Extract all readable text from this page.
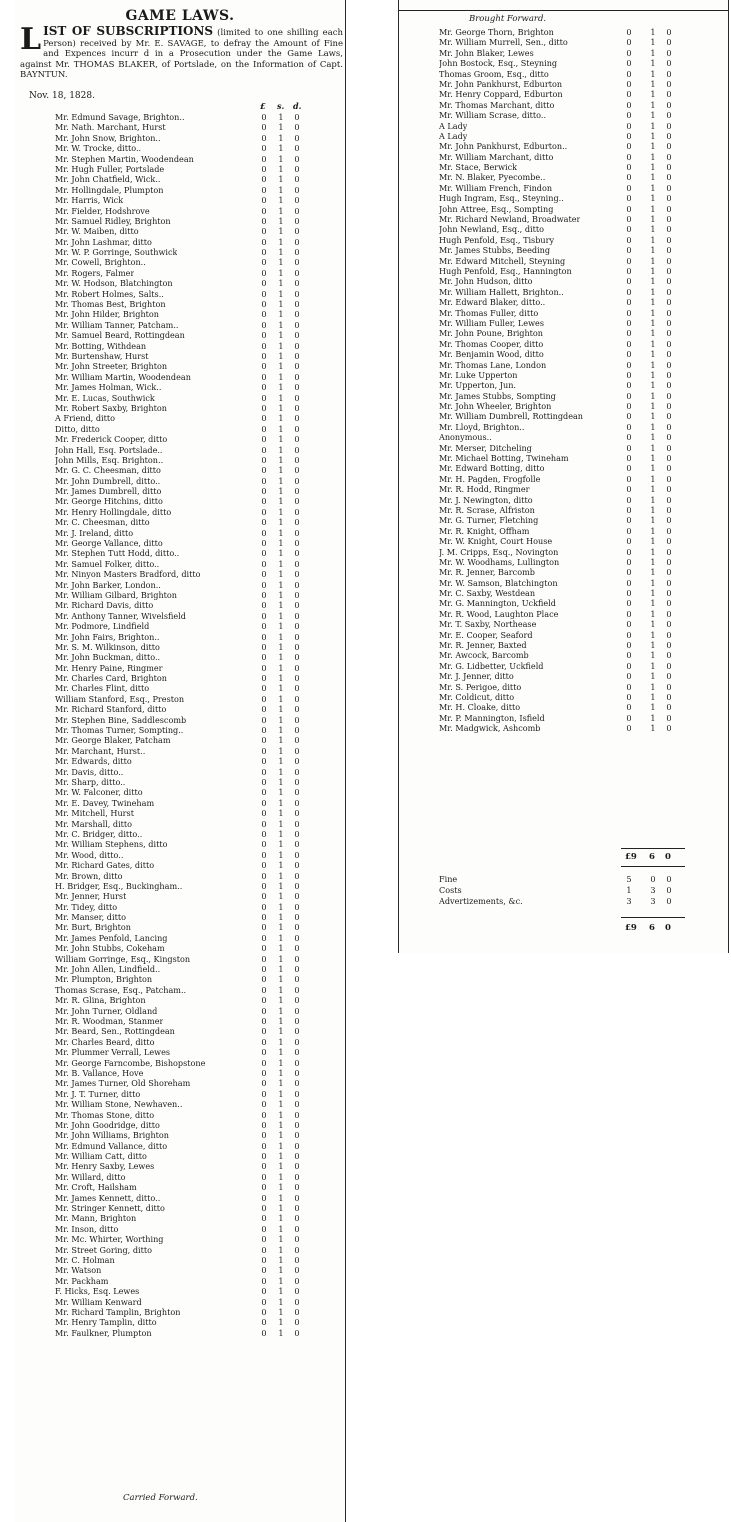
GAME LAWS.
LIST OF SUBSCRIPTIONS (limited to one shilling each Person) received by Mr. E. SAVAGE, to defray the Amount of Fine and Expences incurr d in a Prosecution under the Game Laws, against Mr. THOMAS BLAKER, of Portslade, on the Information of Capt. BAYNTUN.
Nov. 18, 1828.
£ s. d.
Mr. Edmund Savage, Brighton..	0 1 0
Mr. Nath. Marchant, Hurst	0 1 0
Mr. John Snow, Brighton..	0 1 0
Mr. W. Trocke, ditto..	0 1 0
Mr. Stephen Martin, Woodendean	0 1 0
Mr. Hugh Fuller, Portslade	0 1 0
Mr. John Chatfield, Wick..	0 1 0
Mr. Hollingdale, Plumpton	0 1 0
Mr. Harris, Wick	0 1 0
Mr. Fielder, Hodshrove	0 1 0
Mr. Samuel Ridley, Brighton	0 1 0
Mr. W. Maiben, ditto	0 1 0
Mr. John Lashmar, ditto	0 1 0
Mr. W. P. Gorringe, Southwick	0 1 0
Mr. Cowell, Brighton..	0 1 0
Mr. Rogers, Falmer	0 1 0
Mr. W. Hodson, Blatchington	0 1 0
Mr. Robert Holmes, Salts..	0 1 0
Mr. Thomas Best, Brighton	0 1 0
Mr. John Hilder, Brighton	0 1 0
Mr. William Tanner, Patcham..	0 1 0
Mr. Samuel Beard, Rottingdean	0 1 0
Mr. Botting, Withdean	0 1 0
Mr. Burtenshaw, Hurst	0 1 0
Mr. John Streeter, Brighton	0 1 0
Mr. William Martin, Woodendean	0 1 0
Mr. James Holman, Wick..	0 1 0
Mr. E. Lucas, Southwick	0 1 0
Mr. Robert Saxby, Brighton	0 1 0
A Friend, ditto	0 1 0
Ditto, ditto	0 1 0
Mr. Frederick Cooper, ditto	0 1 0
John Hall, Esq. Portslade..	0 1 0
John Mills, Esq. Brighton..	0 1 0
Mr. G. C. Cheesman, ditto	0 1 0
Mr. John Dumbrell, ditto..	0 1 0
Mr. James Dumbrell, ditto	0 1 0
Mr. George Hitchins, ditto	0 1 0
Mr. Henry Hollingdale, ditto	0 1 0
Mr. C. Cheesman, ditto	0 1 0
Mr. J. Ireland, ditto	0 1 0
Mr. George Vallance, ditto	0 1 0
Mr. Stephen Tutt Hodd, ditto..	0 1 0
Mr. Samuel Folker, ditto..	0 1 0
Mr. Ninyon Masters Bradford, ditto	0 1 0
Mr. John Barker, London..	0 1 0
Mr. William Gilbard, Brighton	0 1 0
Mr. Richard Davis, ditto	0 1 0
Mr. Anthony Tanner, Wivelsfield	0 1 0
Mr. Podmore, Lindfield	0 1 0
Mr. John Fairs, Brighton..	0 1 0
Mr. S. M. Wilkinson, ditto	0 1 0
Mr. John Buckman, ditto..	0 1 0
Mr. Henry Paine, Ringmer	0 1 0
Mr. Charles Card, Brighton	0 1 0
Mr. Charles Flint, ditto	0 1 0
William Stanford, Esq., Preston	0 1 0
Mr. Richard Stanford, ditto	0 1 0
Mr. Stephen Bine, Saddlescomb	0 1 0
Mr. Thomas Turner, Sompting..	0 1 0
Mr. George Blaker, Patcham	0 1 0
Mr. Marchant, Hurst..	0 1 0
Mr. Edwards, ditto	0 1 0
Mr. Davis, ditto..	0 1 0
Mr. Sharp, ditto..	0 1 0
Mr. W. Falconer, ditto	0 1 0
Mr. E. Davey, Twineham	0 1 0
Mr. Mitchell, Hurst	0 1 0
Mr. Marshall, ditto	0 1 0
Mr. C. Bridger, ditto..	0 1 0
Mr. William Stephens, ditto	0 1 0
Mr. Wood, ditto..	0 1 0
Mr. Richard Gates, ditto	0 1 0
Mr. Brown, ditto	0 1 0
H. Bridger, Esq., Buckingham..	0 1 0
Mr. Jenner, Hurst	0 1 0
Mr. Tidey, ditto	0 1 0
Mr. Manser, ditto	0 1 0
Mr. Burt, Brighton	0 1 0
Mr. James Penfold, Lancing	0 1 0
Mr. John Stubbs, Cokeham	0 1 0
William Gorringe, Esq., Kingston	0 1 0
Mr. John Allen, Lindfield..	0 1 0
Mr. Plumpton, Brighton	0 1 0
Thomas Scrase, Esq., Patcham..	0 1 0
Mr. R. Glina, Brighton	0 1 0
Mr. John Turner, Oldland	0 1 0
Mr. R. Woodman, Stanmer	0 1 0
Mr. Beard, Sen., Rottingdean	0 1 0
Mr. Charles Beard, ditto	0 1 0
Mr. Plummer Verrall, Lewes	0 1 0
Mr. George Farncombe, Bishopstone	0 1 0
Mr. B. Vallance, Hove	0 1 0
Mr. James Turner, Old Shoreham	0 1 0
Mr. J. T. Turner, ditto	0 1 0
Mr. William Stone, Newhaven..	0 1 0
Mr. Thomas Stone, ditto	0 1 0
Mr. John Goodridge, ditto	0 1 0
Mr. John Williams, Brighton	0 1 0
Mr. Edmund Vallance, ditto	0 1 0
Mr. William Catt, ditto	0 1 0
Mr. Henry Saxby, Lewes	0 1 0
Mr. Willard, ditto	0 1 0
Mr. Croft, Hailsham	0 1 0
Mr. James Kennett, ditto..	0 1 0
Mr. Stringer Kennett, ditto	0 1 0
Mr. Mann, Brighton	0 1 0
Mr. Inson, ditto	0 1 0
Mr. Mc. Whirter, Worthing	0 1 0
Mr. Street Goring, ditto	0 1 0
Mr. C. Holman	0 1 0
Mr. Watson	0 1 0
Mr. Packham	0 1 0
F. Hicks, Esq. Lewes	0 1 0
Mr. William Kenward	0 1 0
Mr. Richard Tamplin, Brighton	0 1 0
Mr. Henry Tamplin, ditto	0 1 0
Mr. Faulkner, Plumpton	0 1 0
Carried Forward.
Brought Forward.
Mr. George Thorn, Brighton	0 1 0
Mr. William Murrell, Sen., ditto	0 1 0
Mr. John Blaker, Lewes	0 1 0
John Bostock, Esq., Steyning	0 1 0
Thomas Groom, Esq., ditto	0 1 0
Mr. John Pankhurst, Edburton	0 1 0
Mr. Henry Coppard, Edburton	0 1 0
Mr. Thomas Marchant, ditto	0 1 0
Mr. William Scrase, ditto..	0 1 0
A Lady	0 1 0
A Lady	0 1 0
Mr. John Pankhurst, Edburton..	0 1 0
Mr. William Marchant, ditto	0 1 0
Mr. Stace, Berwick	0 1 0
Mr. N. Blaker, Pyecombe..	0 1 0
Mr. William French, Findon	0 1 0
Hugh Ingram, Esq., Steyning..	0 1 0
John Attree, Esq., Sompting	0 1 0
Mr. Richard Newland, Broadwater	0 1 0
John Newland, Esq., ditto	0 1 0
Hugh Penfold, Esq., Tisbury	0 1 0
Mr. James Stubbs, Beeding	0 1 0
Mr. Edward Mitchell, Steyning	0 1 0
Hugh Penfold, Esq., Hannington	0 1 0
Mr. John Hudson, ditto	0 1 0
Mr. William Hallett, Brighton..	0 1 0
Mr. Edward Blaker, ditto..	0 1 0
Mr. Thomas Fuller, ditto	0 1 0
Mr. William Fuller, Lewes	0 1 0
Mr. John Poune, Brighton	0 1 0
Mr. Thomas Cooper, ditto	0 1 0
Mr. Benjamin Wood, ditto	0 1 0
Mr. Thomas Lane, London	0 1 0
Mr. Luke Upperton	0 1 0
Mr. Upperton, Jun.	0 1 0
Mr. James Stubbs, Sompting	0 1 0
Mr. John Wheeler, Brighton	0 1 0
Mr. William Dumbrell, Rottingdean	0 1 0
Mr. Lloyd, Brighton..	0 1 0
Anonymous..	0 1 0
Mr. Merser, Ditcheling	0 1 0
Mr. Michael Botting, Twineham	0 1 0
Mr. Edward Botting, ditto	0 1 0
Mr. H. Pagden, Frogfolle	0 1 0
Mr. R. Hodd, Ringmer	0 1 0
Mr. J. Newington, ditto	0 1 0
Mr. R. Scrase, Alfriston	0 1 0
Mr. G. Turner, Fletching	0 1 0
Mr. R. Knight, Offham	0 1 0
Mr. W. Knight, Court House	0 1 0
J. M. Cripps, Esq., Novington	0 1 0
Mr. W. Woodhams, Lullington	0 1 0
Mr. R. Jenner, Barcomb	0 1 0
Mr. W. Samson, Blatchington	0 1 0
Mr. C. Saxby, Westdean	0 1 0
Mr. G. Mannington, Uckfield	0 1 0
Mr. R. Wood, Laughton Place	0 1 0
Mr. T. Saxby, Northease	0 1 0
Mr. E. Cooper, Seaford	0 1 0
Mr. R. Jenner, Baxted	0 1 0
Mr. Awcock, Barcomb	0 1 0
Mr. G. Lidbetter, Uckfield	0 1 0
Mr. J. Jenner, ditto	0 1 0
Mr. S. Perigoe, ditto	0 1 0
Mr. Coldicut, ditto	0 1 0
Mr. H. Cloake, ditto	0 1 0
Mr. P. Mannington, Isfield	0 1 0
Mr. Madgwick, Ashcomb	0 1 0
£9 6 0
Fine	5 0 0
Costs	1 3 0
Advertizements, &c.	3 3 0
£9 6 0
